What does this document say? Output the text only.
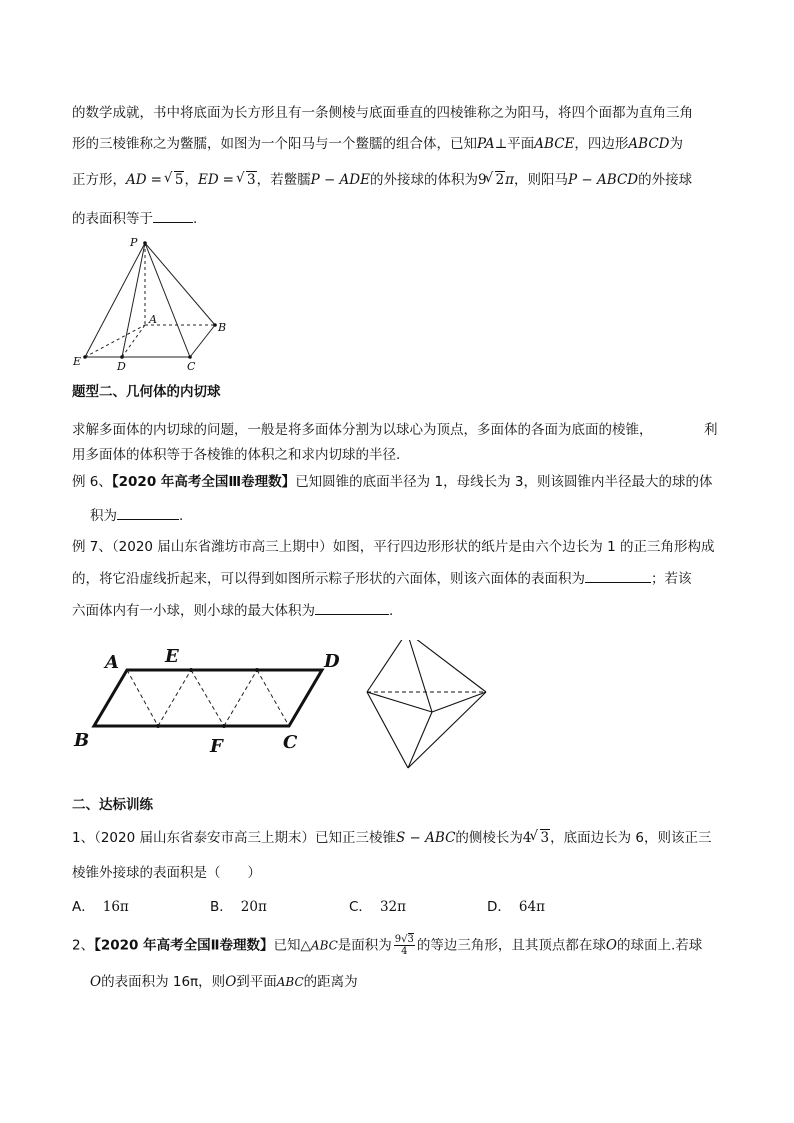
的数学成就，书中将底面为长方形且有一条侧棱与底面垂直的四棱锥称之为阳马，将四个面都为直角三角
形的三棱锥称之为鳖臑，如图为一个阳马与一个鳖臑的组合体，已知PA⊥平面ABCE，四边形ABCD为
正方形，AD = √ 5，ED = √ 3，若鳖臑P − ADE的外接球的体积为9 √ 2π，则阳马P − ABCD的外接球
的表面积等于	.
P
A
B
E	D	C
题型二、几何体的内切球
求解多面体的内切球的问题，一般是将多面体分割为以球心为顶点，多面体的各面为底面的棱锥，	利
用多面体的体积等于各棱锥的体积之和求内切球的半径.
例 6、【2020 年高考全国Ⅲ卷理数】已知圆锥的底面半径为 1，母线长为 3，则该圆锥内半径最大的球的体
积为	.
例 7、（2020 届山东省潍坊市高三上期中）如图，平行四边形形状的纸片是由六个边长为 1 的正三角形构成
的，将它沿虚线折起来，可以得到如图所示粽子形状的六面体，则该六面体的表面积为	；若该
六面体内有一小球，则小球的最大体积为	.
A	E	D
B	F	C
二、达标训练
1、（2020 届山东省泰安市高三上期末）已知正三棱锥S − ABC的侧棱长为4 √ 3，底面边长为 6，则该正三
棱锥外接球的表面积是（　　）
A． 16π	B． 20π	C． 32π	D． 64π
2、【2020 年高考全国Ⅱ卷理数】已知△ABC是面积为 $\frac{9√3}{4}$ 的等边三角形，且其顶点都在球O的球面上.若球
O的表面积为 16π，则O到平面ABC的距离为
